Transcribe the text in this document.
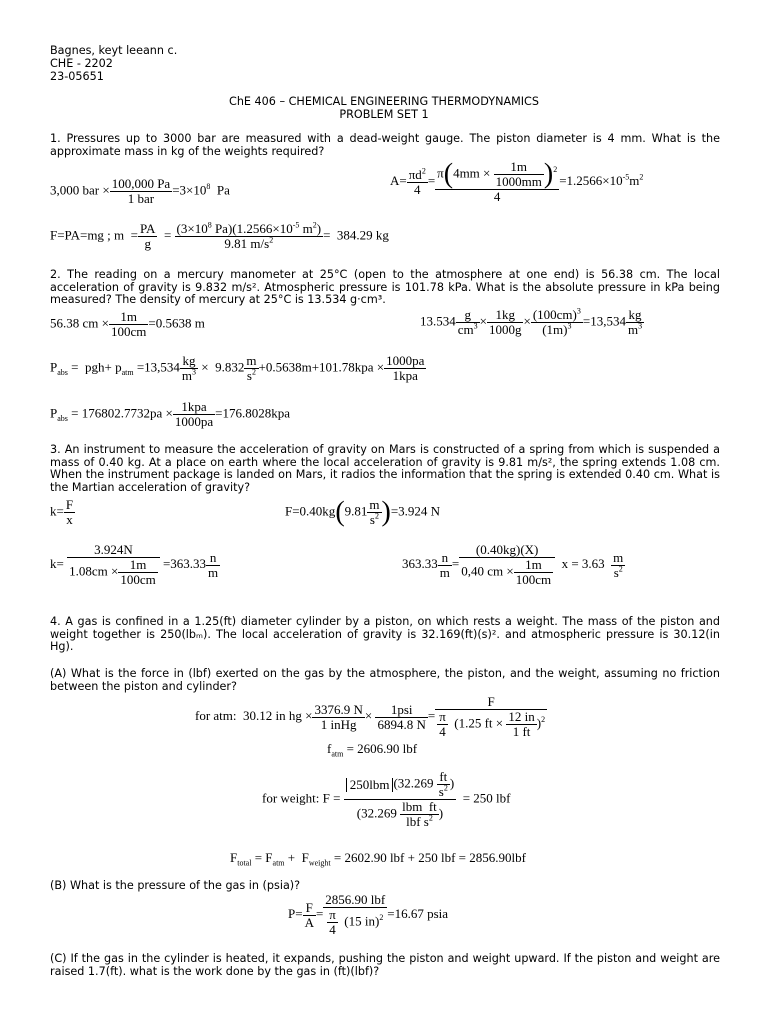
Bagnes, keyt leeann c.
CHE - 2202
23-05651
ChE 406 – CHEMICAL ENGINEERING THERMODYNAMICS
PROBLEM SET 1
1. Pressures up to 3000 bar are measured with a dead-weight gauge. The piston diameter is 4 mm. What is the approximate mass in kg of the weights required?
3,000 bar × 100,000 Pa
1 bar
$=3\times 10^8$  Pa
$A= \frac{\pi d^2}{4} = \frac{\pi(4mm \times \frac{1m}{1000mm} )^2}{4} =1.2566\times 10^{-5}m^2$
F=PA=mg ; $m = \frac{PA}{g} = \frac{(3\times 10^8 Pa)(1.2566\times 10^{-5} m^2)}{9.81 m/s^2} = 384.29$ kg
2. The reading on a mercury manometer at 25°C (open to the atmosphere at one end) is 56.38 cm. The local acceleration of gravity is 9.832 m/s². Atmospheric pressure is 101.78 kPa. What is the absolute pressure in kPa being measured? The density of mercury at 25°C is 13.534 g·cm³.
56.38 cm × $\frac{1m}{100cm} =0.5638$ m	$13.534 \frac{g}{cm^3} \times \frac{1kg}{1000g} \times \frac{(100cm)^3}{(1m)^3} =13,534 \frac{kg}{m^3}$
$P_{abs} = pgh+ p_{atm} =13,534 \frac{kg}{m^3} \times 9.832 \frac{m}{s^2} +0.5638m+101.78kpa \times 1000pa$
1kpa
$P_{abs} = 176802.7732pa \times 1kpa$
1000pa
=176.8028kpa
3. An instrument to measure the acceleration of gravity on Mars is constructed of a spring from which is suspended a mass of 0.40 kg. At a place on earth where the local acceleration of gravity is 9.81 m/s², the spring extends 1.08 cm. When the instrument package is landed on Mars, it radios the information that the spring is extended 0.40 cm. What is the Martian acceleration of gravity?
$k= \frac{F}{x}$	$F=0.40kg(9.81 \frac{m}{s^2} )=3.924$ N
$k= \frac{3.924N}{1.08cm \times \frac{1m}{100cm}} =363.33 \frac{n}{m}$	$363.33 \frac{n}{m} = \frac{(0.40kg)(X)}{0,40 cm \times \frac{1m}{100cm}}$ $x = 3.63 \frac{m}{s^2}$
4. A gas is confined in a 1.25(ft) diameter cylinder by a piston, on which rests a weight. The mass of the piston and weight together is 250(lbₘ). The local acceleration of gravity is 32.169(ft)(s)². and atmospheric pressure is 30.12(in Hg).
(A) What is the force in (lbf) exerted on the gas by the atmosphere, the piston, and the weight, assuming no friction between the piston and cylinder?
for atm:  30.12 in hg × 3376.9 N
1 inHg
×	1psi
6894.8 N
= $\frac{F}{\frac{\pi}{4} (1.25 ft \times \frac{12 in}{1 ft} )^2}$
$f_{atm} = 2606.90$ lbf
for weight: F =
250lbm ($32.269 \frac{ft}{s^2}$ )
(32.269 lbm  ft
lbf $s^2$ )
= 250 lbf
$F_{total} = F_{atm} + F_{weight} = 2602.90$ lbf + 250 lbf = 2856.90lbf
(B) What is the pressure of the gas in (psia)?
$P= \frac{F}{A}$ =
2856.90 lbf
$\frac{\pi}{4} (15$ in)$^2$ =16.67 psia
(C) If the gas in the cylinder is heated, it expands, pushing the piston and weight upward. If the piston and weight are raised 1.7(ft). what is the work done by the gas in (ft)(lbf)?
